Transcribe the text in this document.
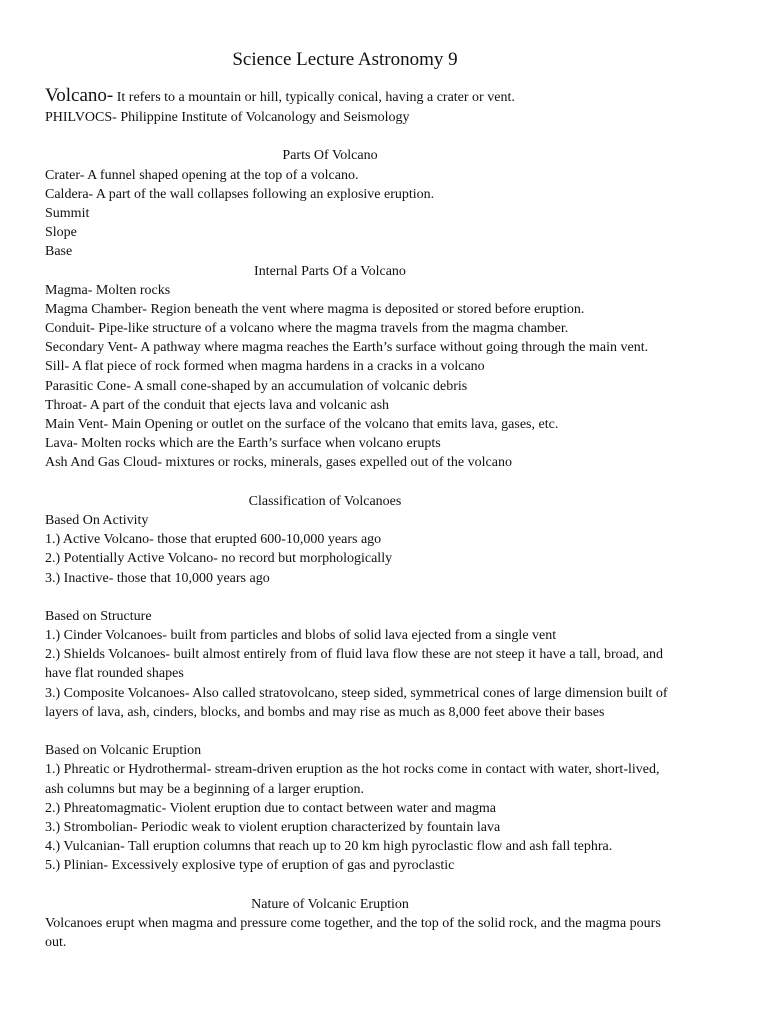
Science Lecture Astronomy 9
Volcano- It refers to a mountain or hill, typically conical, having a crater or vent.
PHILVOCS- Philippine Institute of Volcanology and Seismology
Parts Of Volcano
Crater- A funnel shaped opening at the top of a volcano.
Caldera- A part of the wall collapses following an explosive eruption.
Summit
Slope
Base
Internal Parts Of a Volcano
Magma- Molten rocks
Magma Chamber- Region beneath the vent where magma is deposited or stored before eruption.
Conduit- Pipe-like structure of a volcano where the magma travels from the magma chamber.
Secondary Vent- A pathway where magma reaches the Earth’s surface without going through the main vent.
Sill- A flat piece of rock formed when magma hardens in a cracks in a volcano
Parasitic Cone- A small cone-shaped by an accumulation of volcanic debris
Throat- A part of the conduit that ejects lava and volcanic ash
Main Vent- Main Opening or outlet on the surface of the volcano that emits lava, gases, etc.
Lava- Molten rocks which are the Earth’s surface when volcano erupts
Ash And Gas Cloud- mixtures or rocks, minerals, gases expelled out of the volcano
Classification of Volcanoes
Based On Activity
1.) Active Volcano- those that erupted 600-10,000 years ago
2.) Potentially Active Volcano- no record but morphologically
3.) Inactive- those that 10,000 years ago
Based on Structure
1.) Cinder Volcanoes- built from particles and blobs of solid lava ejected from a single vent
2.) Shields Volcanoes- built almost entirely from of fluid lava flow these are not steep it have a tall, broad, and
have flat rounded shapes
3.) Composite Volcanoes- Also called stratovolcano, steep sided, symmetrical cones of large dimension built of
layers of lava, ash, cinders, blocks, and bombs and may rise as much as 8,000 feet above their bases
Based on Volcanic Eruption
1.) Phreatic or Hydrothermal- stream-driven eruption as the hot rocks come in contact with water, short-lived,
ash columns but may be a beginning of a larger eruption.
2.) Phreatomagmatic- Violent eruption due to contact between water and magma
3.) Strombolian- Periodic weak to violent eruption characterized by fountain lava
4.) Vulcanian- Tall eruption columns that reach up to 20 km high pyroclastic flow and ash fall tephra.
5.) Plinian- Excessively explosive type of eruption of gas and pyroclastic
Nature of Volcanic Eruption
Volcanoes erupt when magma and pressure come together, and the top of the solid rock, and the magma pours
out.
